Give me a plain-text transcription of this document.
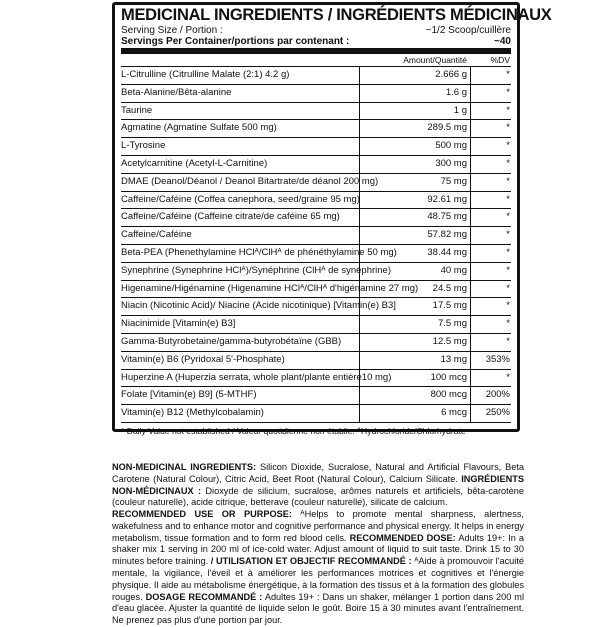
MEDICINAL INGREDIENTS / INGRÉDIENTS MÉDICINAUX
Serving Size / Portion :	~1/2 Scoop/cuillère
Servings Per Container/portions par contenant :	~40
Amount/Quantité	%DV
L-Citrulline (Citrulline Malate (2:1) 4.2 g)	2.666 g	*
Beta-Alanine/Bêta-alanine	1.6 g	*
Taurine	1 g	*
Agmatine (Agmatine Sulfate 500 mg)	289.5 mg	*
L-Tyrosine	500 mg	*
Acetylcarnitine (Acetyl-L-Carnitine)	300 mg	*
DMAE (Deanol/Déanol / Deanol Bitartrate/de déanol 200 mg)	75 mg	*
Caffeine/Caféine (Coffea canephora, seed/graine 95 mg)	92.61 mg	*
Caffeine/Caféine (Caffeine citrate/de caféine 65 mg)	48.75 mg	*
Caffeine/Caféine	57.82 mg	*
Beta-PEA (Phenethylamine HClᴬ/ClHᴬ de phénéthylamine 50 mg)	38.44 mg	*
Synephrine (Synephrine HClᴬ)/Synéphrine (ClHᴬ de synéphrine)	40 mg	*
Higenamine/Higénamine (Higenamine HClᴬ/ClHᴬ d'higénamine 27 mg)	24.5 mg	*
Niacin (Nicotinic Acid)/ Niacine (Acide nicotinique) [Vitamin(e) B3]	17.5 mg	*
Niacinimide [Vitamin(e) B3]	7.5 mg	*
Gamma-Butyrobetaine/gamma-butyrobétaïne (GBB)	12.5 mg	*
Vitamin(e) B6 (Pyridoxal 5'-Phosphate)	13 mg	353%
Huperzine A (Huperzia serrata, whole plant/plante entière10 mg)	100 mcg	*
Folate [Vitamin(e) B9] (5-MTHF)	800 mcg	200%
Vitamin(e) B12 (Methylcobalamin)	6 mcg	250%
* Daily Value not established / Valeur quotidienne non établie. ᴬHydrochloride/Chlorhydrate
NON-MEDICINAL INGREDIENTS: Silicon Dioxide, Sucralose, Natural and Artificial Flavours, Beta Carotene (Natural Colour), Citric Acid, Beet Root (Natural Colour), Calcium Silicate. INGRÉDIENTS NON-MÉDICINAUX : Dioxyde de silicium, sucralose, arômes naturels et artificiels, bêta-carotène (couleur naturelle), acide citrique, betterave (couleur naturelle), silicate de calcium.
RECOMMENDED USE OR PURPOSE: ᴬHelps to promote mental sharpness, alertness, wakefulness and to enhance motor and cognitive performance and physical energy. It helps in energy metabolism, tissue formation and to form red blood cells. RECOMMENDED DOSE: Adults 19+: In a shaker mix 1 serving in 200 ml of ice-cold water. Adjust amount of liquid to suit taste. Drink 15 to 30 minutes before training. / UTILISATION ET OBJECTIF RECOMMANDÉ : ᴬAide à promouvoir l'acuité mentale, la vigilance, l'éveil et à améliorer les performances motrices et cognitives et l'énergie physique. Il aide au métabolisme énergétique, à la formation des tissus et à la formation des globules rouges. DOSAGE RECOMMANDÉ : Adultes 19+ : Dans un shaker, mélanger 1 portion dans 200 ml d'eau glacée. Ajuster la quantité de liquide selon le goût. Boire 15 à 30 minutes avant l'entraînement. Ne prenez pas plus d'une portion par jour.
